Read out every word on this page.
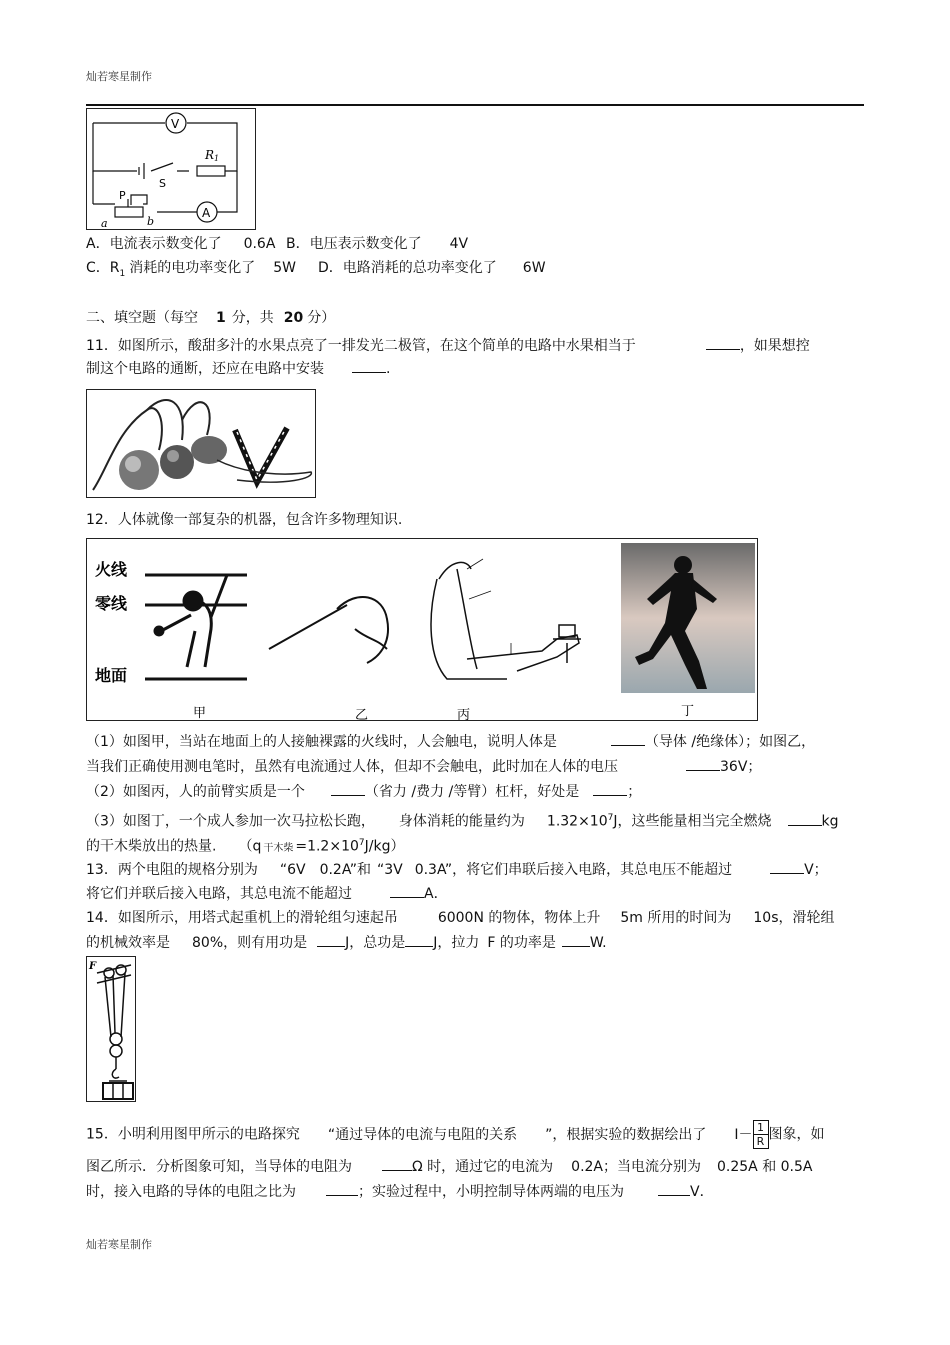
灿若寒星制作
V
A
R1
S
P
a	b
A．电流表示数变化了 0.6A B．电压表示数变化了 4V
C．$R_1$ 消耗的电功率变化了 5W D．电路消耗的总功率变化了 6W
二、填空题（每空 1 分，共 20 分）
11．如图所示，酸甜多汁的水果点亮了一排发光二极管，在这个简单的电路中水果相当于	，如果想控
制这个电路的通断，还应在电路中安装	.
12．人体就像一部复杂的机器，包含许多物理知识.
火线
零线
地面
甲	乙	丙	丁
（1）如图甲，当站在地面上的人接触裸露的火线时，人会触电，说明人体是	（导体 /绝缘体）；如图乙，
当我们正确使用测电笔时，虽然有电流通过人体，但却不会触电，此时加在人体的电压	36V；
（2）如图丙，人的前臂实质是一个	（省力 /费力 /等臂）杠杆，好处是	；
（3）如图丁，一个成人参加一次马拉松长跑， 身体消耗的能量约为 $1.32\times 10^7J$，这些能量相当完全燃烧	kg
的干木柴放出的热量. （q 干木柴 $=1.2\times 10^7J/kg$）
13．两个电阻的规格分别为 “6V 0.2A”和 “3V 0.3A”，将它们串联后接入电路，其总电压不能超过	V；
将它们并联后接入电路，其总电流不能超过	A．
14．如图所示，用塔式起重机上的滑轮组匀速起吊	6000N 的物体，物体上升 5m 所用的时间为 10s，滑轮组
的机械效率是 80%，则有用功是	J，总功是 J，拉力 F 的功率是 W.
F
15．小明利用图甲所示的电路探究 “通过导体的电流与电阻的关系 ”，根据实验的数据绘出了 $I- \frac{1}{R}$ 图象，如
图乙所示．分析图象可知，当导体的电阻为	Ω 时，通过它的电流为 0.2A；当电流分别为 0.25A 和 0.5A
时，接入电路的导体的电阻之比为	；实验过程中，小明控制导体两端的电压为	V．
灿若寒星制作
